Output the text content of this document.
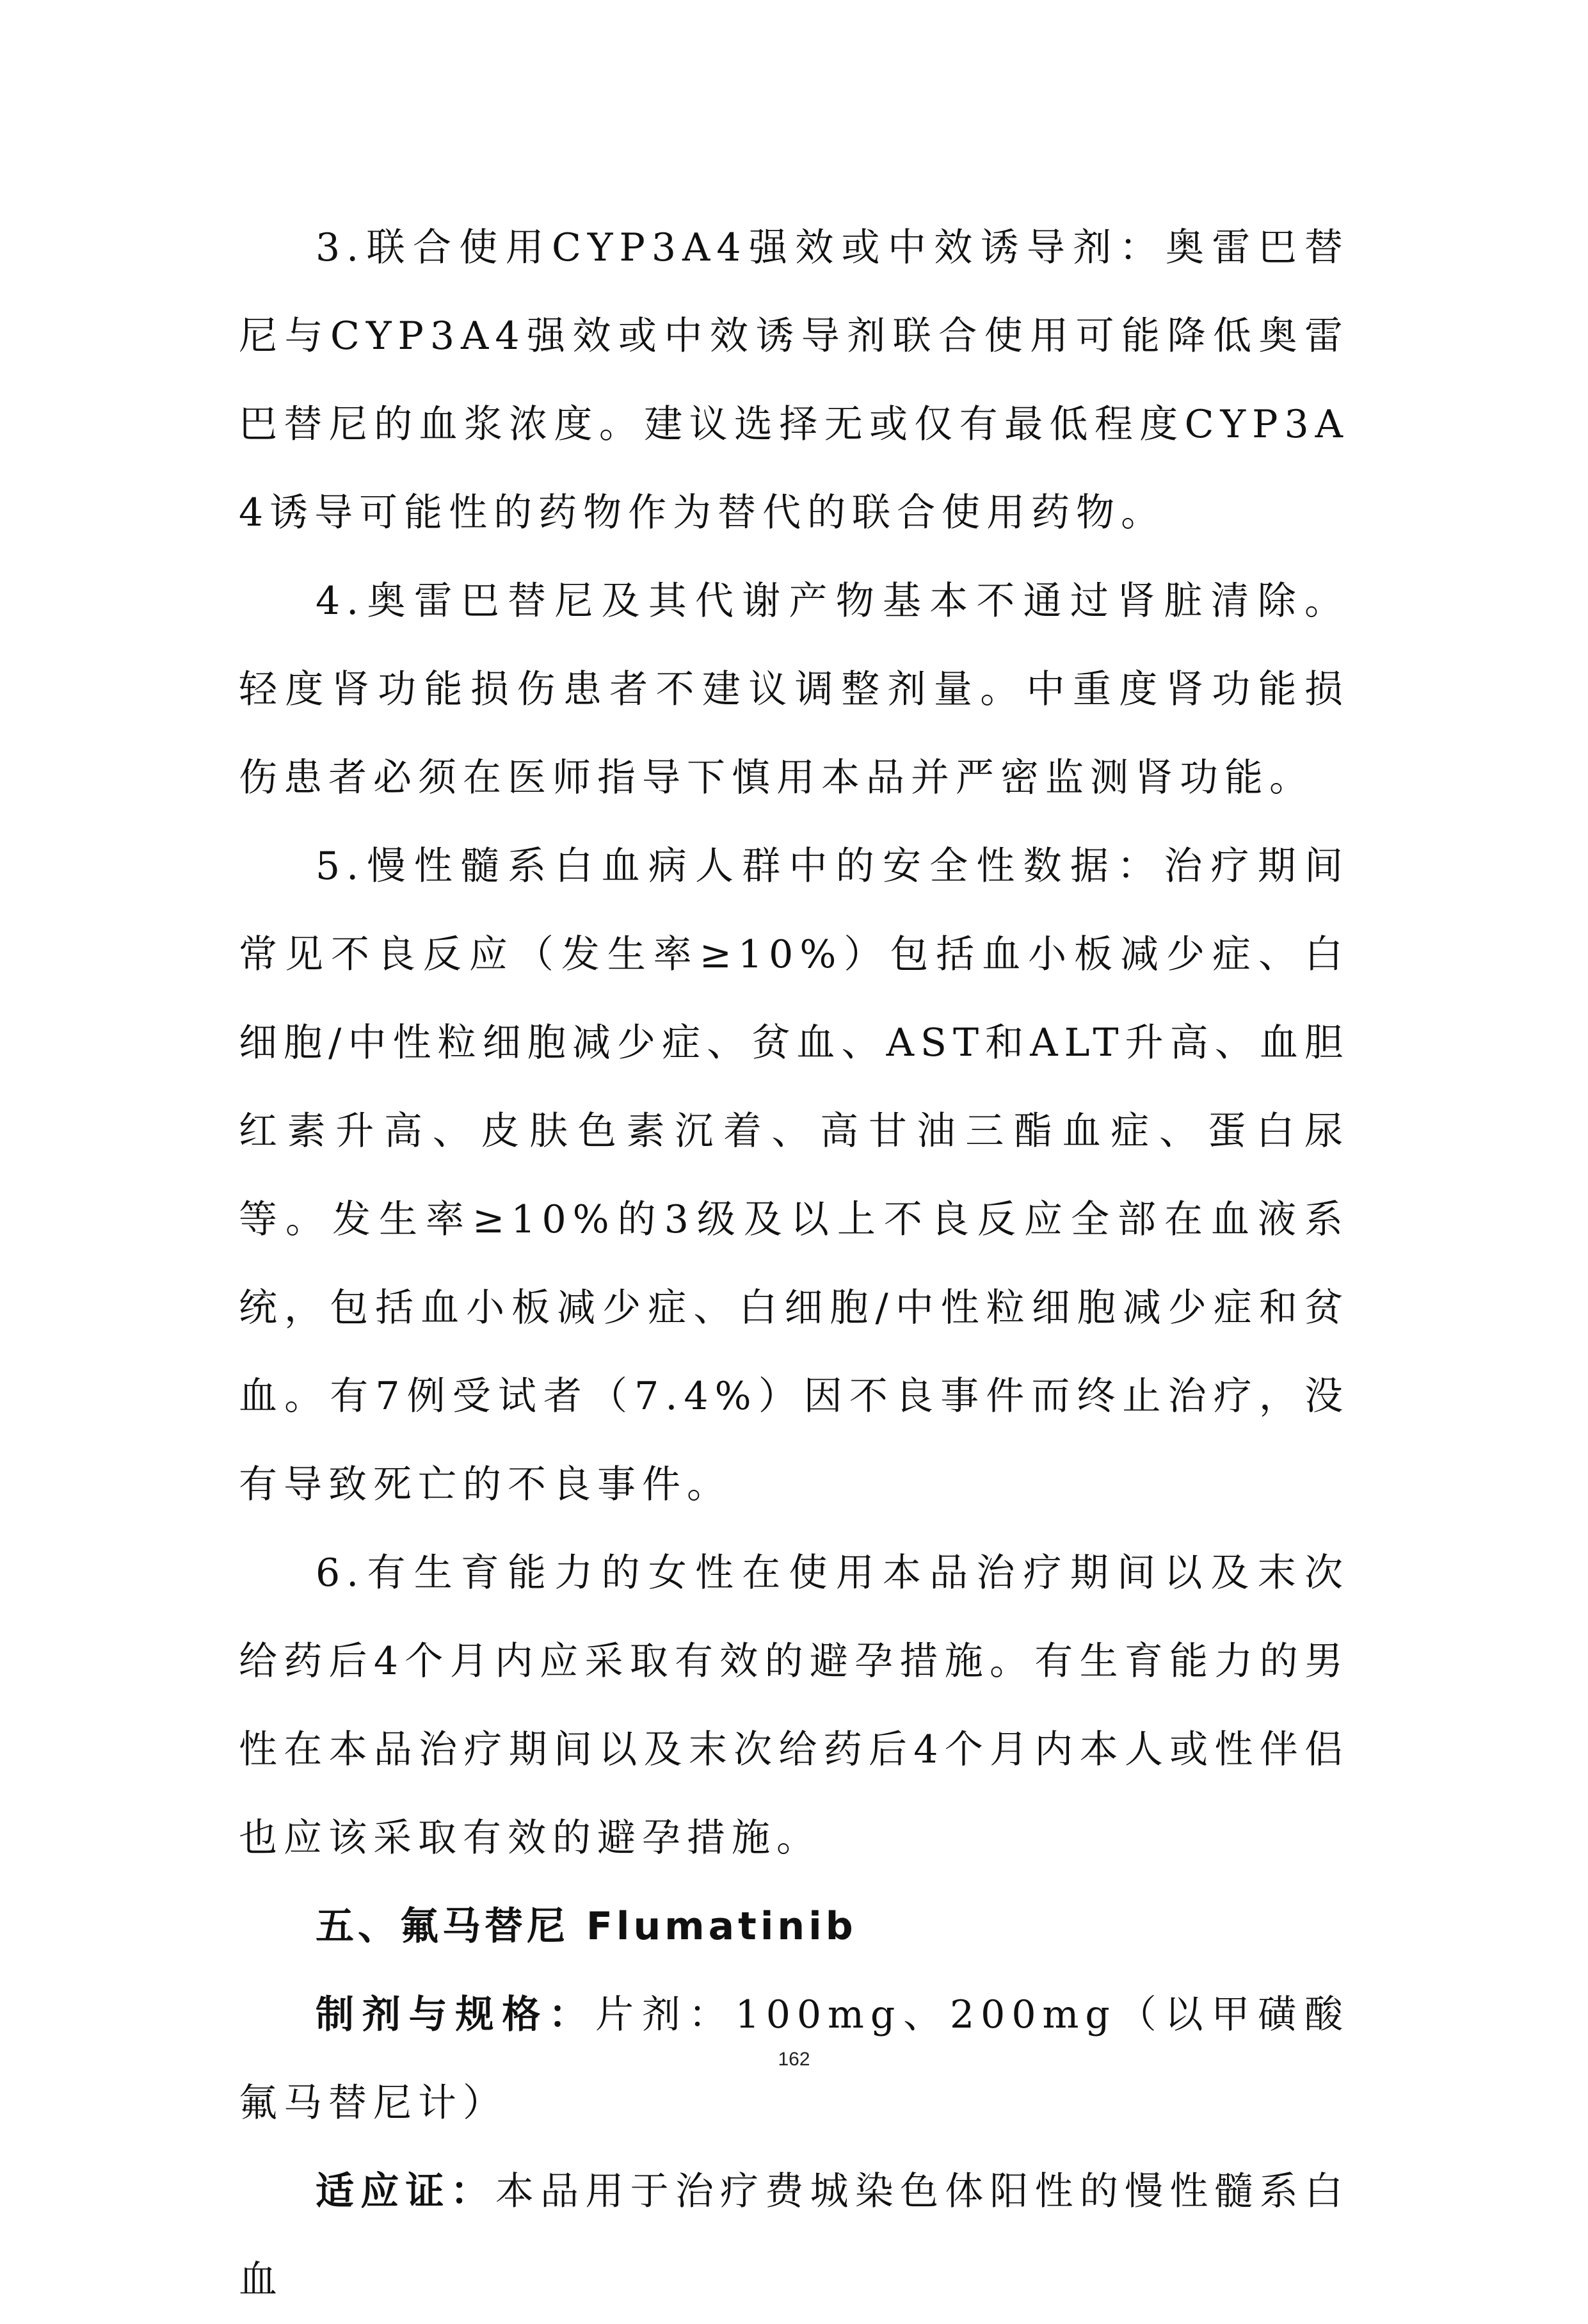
3.联合使用CYP3A4强效或中效诱导剂：奥雷巴替尼与CYP3A4强效或中效诱导剂联合使用可能降低奥雷巴替尼的血浆浓度。建议选择无或仅有最低程度CYP3A4诱导可能性的药物作为替代的联合使用药物。

4.奥雷巴替尼及其代谢产物基本不通过肾脏清除。轻度肾功能损伤患者不建议调整剂量。中重度肾功能损伤患者必须在医师指导下慎用本品并严密监测肾功能。

5.慢性髓系白血病人群中的安全性数据：治疗期间常见不良反应（发生率≥10%）包括血小板减少症、白细胞/中性粒细胞减少症、贫血、AST和ALT升高、血胆红素升高、皮肤色素沉着、高甘油三酯血症、蛋白尿等。发生率≥10%的3级及以上不良反应全部在血液系统，包括血小板减少症、白细胞/中性粒细胞减少症和贫血。有7例受试者（7.4%）因不良事件而终止治疗，没有导致死亡的不良事件。

6.有生育能力的女性在使用本品治疗期间以及末次给药后4个月内应采取有效的避孕措施。有生育能力的男性在本品治疗期间以及末次给药后4个月内本人或性伴侣也应该采取有效的避孕措施。

五、氟马替尼 Flumatinib

制剂与规格：片剂：100mg、200mg（以甲磺酸氟马替尼计）

适应证：本品用于治疗费城染色体阳性的慢性髓系白血

162
